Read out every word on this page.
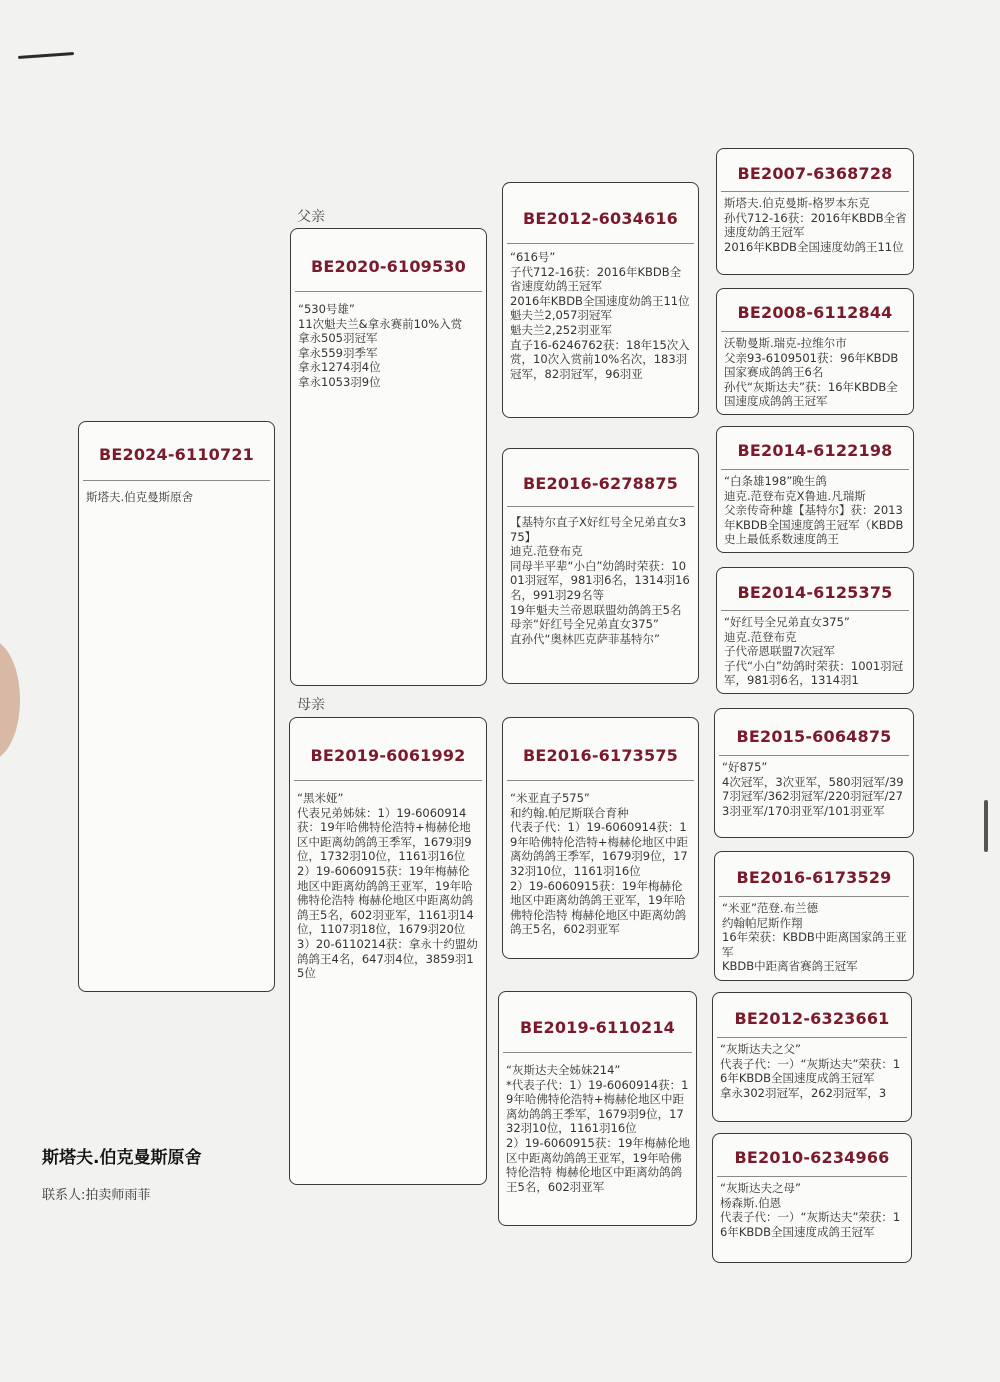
BE2024-6110721
斯塔夫.伯克曼斯原舍
父亲
BE2020-6109530
“530号雄”
11次魁夫兰&拿永赛前10%入赏
拿永505羽冠军
拿永559羽季军
拿永1274羽4位
拿永1053羽9位
母亲
BE2019-6061992
“黑米娅”
代表兄弟姊妹：1）19-6060914获：19年哈佛特伦浩特+梅赫伦地区中距离幼鸽鸽王季军，1679羽9位，1732羽10位，1161羽16位
2）19-6060915获：19年梅赫伦地区中距离幼鸽鸽王亚军，19年哈佛特伦浩特 梅赫伦地区中距离幼鸽鸽王5名，602羽亚军，1161羽14位，1107羽18位，1679羽20位
3）20-6110214获：拿永十约盟幼鸽鸽王4名，647羽4位，3859羽15位
BE2012-6034616
“616号”
子代712-16获：2016年KBDB全省速度幼鸽王冠军
2016年KBDB全国速度幼鸽王11位
魁夫兰2,057羽冠军
魁夫兰2,252羽亚军
直子16-6246762获：18年15次入赏，10次入赏前10%名次，183羽冠军，82羽冠军，96羽亚
BE2016-6278875
【基特尔直子X好红号全兄弟直女375】
迪克.范登布克
同母半平辈“小白”幼鸽时荣获：1001羽冠军，981羽6名，1314羽16名，991羽29名等
19年魁夫兰帝恩联盟幼鸽鸽王5名
母亲“好红号全兄弟直女375”
直孙代“奥林匹克萨菲基特尔”
BE2016-6173575
“米亚直子575”
和约翰.帕尼斯联合育种
代表子代：1）19-6060914获：19年哈佛特伦浩特+梅赫伦地区中距离幼鸽鸽王季军，1679羽9位，1732羽10位，1161羽16位
2）19-6060915获：19年梅赫伦地区中距离幼鸽鸽王亚军，19年哈佛特伦浩特 梅赫伦地区中距离幼鸽鸽王5名，602羽亚军
BE2019-6110214
“灰斯达夫全姊妹214”
*代表子代：1）19-6060914获：19年哈佛特伦浩特+梅赫伦地区中距离幼鸽鸽王季军，1679羽9位，1732羽10位，1161羽16位
2）19-6060915获：19年梅赫伦地区中距离幼鸽鸽王亚军，19年哈佛特伦浩特 梅赫伦地区中距离幼鸽鸽王5名，602羽亚军
BE2007-6368728
斯塔夫.伯克曼斯-格罗本东克
孙代712-16获：2016年KBDB全省速度幼鸽王冠军
2016年KBDB全国速度幼鸽王11位
BE2008-6112844
沃勒曼斯.瑞克-拉维尔市
父亲93-6109501获：96年KBDB国家赛成鸽鸽王6名
孙代“灰斯达夫”获：16年KBDB全国速度成鸽鸽王冠军
BE2014-6122198
“白条雄198”晚生鸽
迪克.范登布克X鲁迪.凡瑞斯
父亲传奇种雄【基特尔】获：2013年KBDB全国速度鸽王冠军（KBDB史上最低系数速度鸽王
BE2014-6125375
“好红号全兄弟直女375”
迪克.范登布克
子代帝恩联盟7次冠军
子代“小白”幼鸽时荣获：1001羽冠军，981羽6名，1314羽1
BE2015-6064875
“好875”
4次冠军，3次亚军，580羽冠军/397羽冠军/362羽冠军/220羽冠军/273羽亚军/170羽亚军/101羽亚军
BE2016-6173529
“米亚”范登.布兰德
约翰帕尼斯作翔
16年荣获：KBDB中距离国家鸽王亚军
KBDB中距离省赛鸽王冠军
BE2012-6323661
“灰斯达夫之父”
代表子代：一）“灰斯达夫”荣获：16年KBDB全国速度成鸽王冠军
拿永302羽冠军，262羽冠军，3
BE2010-6234966
“灰斯达夫之母”
杨森斯.伯恩
代表子代：一）“灰斯达夫”荣获：16年KBDB全国速度成鸽王冠军
斯塔夫.伯克曼斯原舍
联系人:拍卖师雨菲
